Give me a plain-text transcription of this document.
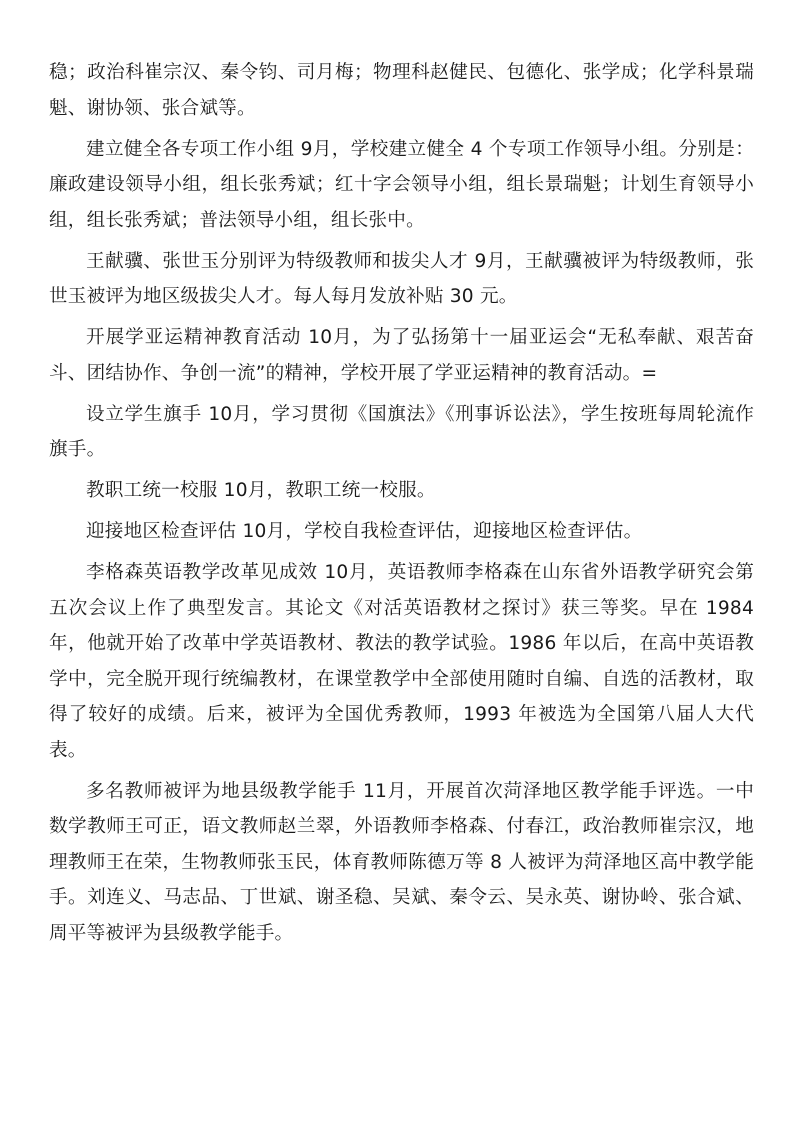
稳；政治科崔宗汉、秦令钧、司月梅；物理科赵健民、包德化、张学成；化学科景瑞魁、谢协领、张合斌等。

建立健全各专项工作小组 9月，学校建立健全 4 个专项工作领导小组。分别是：廉政建设领导小组，组长张秀斌；红十字会领导小组，组长景瑞魁；计划生育领导小组，组长张秀斌；普法领导小组，组长张中。

王献骥、张世玉分别评为特级教师和拔尖人才 9月，王献骥被评为特级教师，张世玉被评为地区级拔尖人才。每人每月发放补贴 30 元。

开展学亚运精神教育活动 10月，为了弘扬第十一届亚运会“无私奉献、艰苦奋斗、团结协作、争创一流”的精神，学校开展了学亚运精神的教育活动。=

设立学生旗手 10月，学习贯彻《国旗法》《刑事诉讼法》，学生按班每周轮流作旗手。

教职工统一校服 10月，教职工统一校服。

迎接地区检查评估 10月，学校自我检查评估，迎接地区检查评估。

李格森英语教学改革见成效 10月，英语教师李格森在山东省外语教学研究会第五次会议上作了典型发言。其论文《对活英语教材之探讨》获三等奖。早在 1984 年，他就开始了改革中学英语教材、教法的教学试验。1986 年以后，在高中英语教学中，完全脱开现行统编教材，在课堂教学中全部使用随时自编、自选的活教材，取得了较好的成绩。后来，被评为全国优秀教师，1993 年被选为全国第八届人大代表。

多名教师被评为地县级教学能手 11月，开展首次菏泽地区教学能手评选。一中数学教师王可正，语文教师赵兰翠，外语教师李格森、付春江，政治教师崔宗汉，地理教师王在荣，生物教师张玉民，体育教师陈德万等 8 人被评为菏泽地区高中教学能手。刘连义、马志品、丁世斌、谢圣稳、吴斌、秦令云、吴永英、谢协岭、张合斌、周平等被评为县级教学能手。
